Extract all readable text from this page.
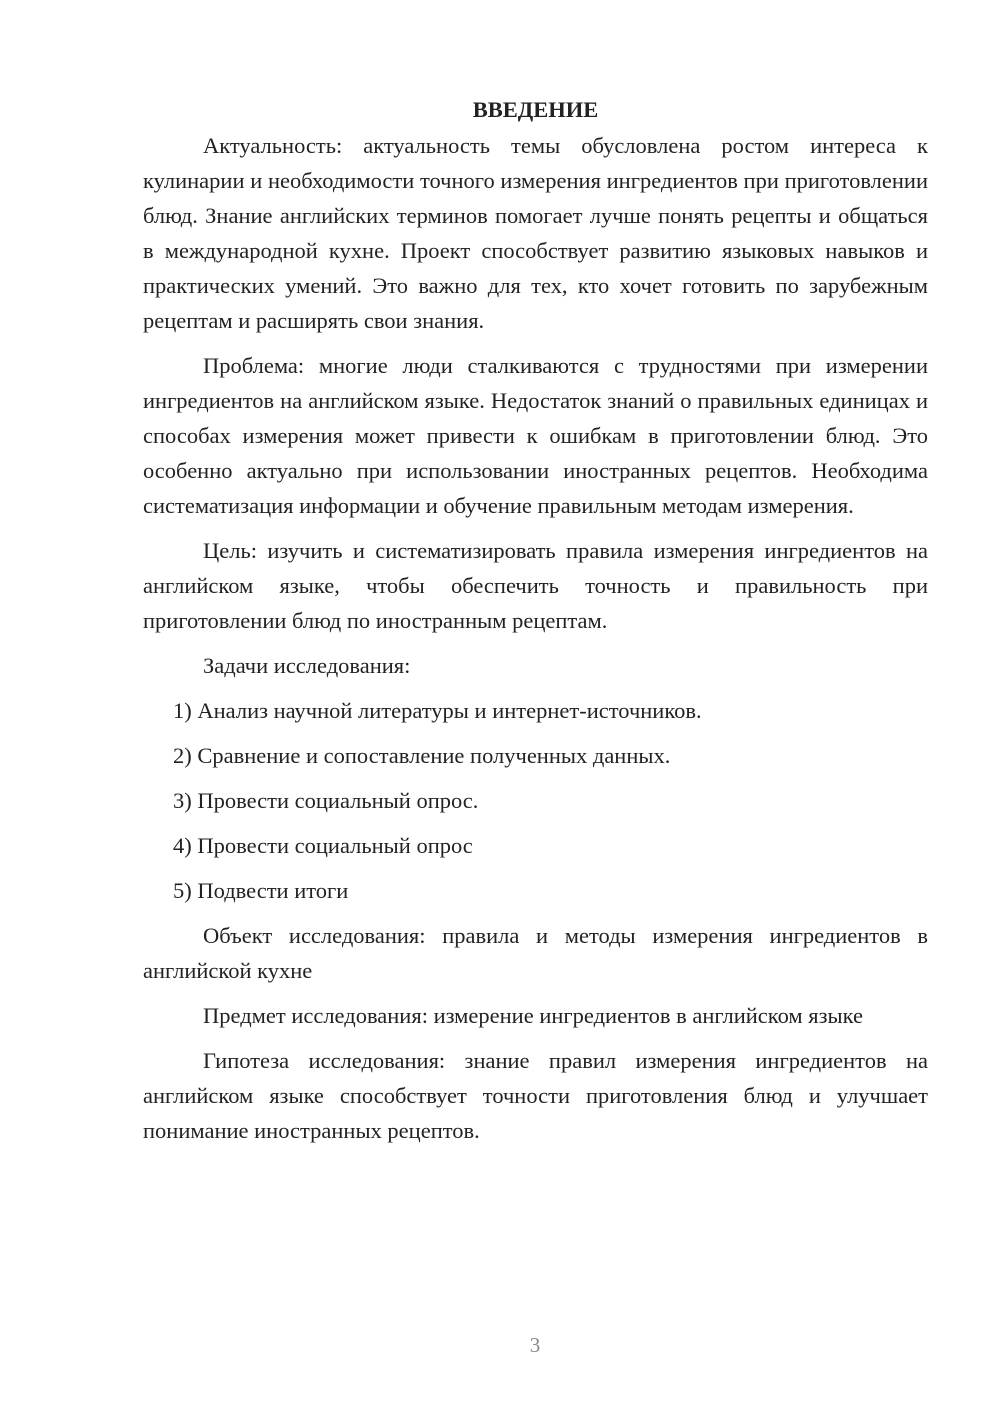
ВВЕДЕНИЕ

Актуальность: актуальность темы обусловлена ростом интереса к кулинарии и необходимости точного измерения ингредиентов при приготовлении блюд. Знание английских терминов помогает лучше понять рецепты и общаться в международной кухне. Проект способствует развитию языковых навыков и практических умений. Это важно для тех, кто хочет готовить по зарубежным рецептам и расширять свои знания.

Проблема: многие люди сталкиваются с трудностями при измерении ингредиентов на английском языке. Недостаток знаний о правильных единицах и способах измерения может привести к ошибкам в приготовлении блюд. Это особенно актуально при использовании иностранных рецептов. Необходима систематизация информации и обучение правильным методам измерения.

Цель: изучить и систематизировать правила измерения ингредиентов на английском языке, чтобы обеспечить точность и правильность при приготовлении блюд по иностранным рецептам.

Задачи исследования:

1) Анализ научной литературы и интернет-источников.

2) Сравнение и сопоставление полученных данных.

3) Провести социальный опрос.

4) Провести социальный опрос

5) Подвести итоги

Объект исследования: правила и методы измерения ингредиентов в английской кухне

Предмет исследования: измерение ингредиентов в английском языке

Гипотеза исследования: знание правил измерения ингредиентов на английском языке способствует точности приготовления блюд и улучшает понимание иностранных рецептов.

3
